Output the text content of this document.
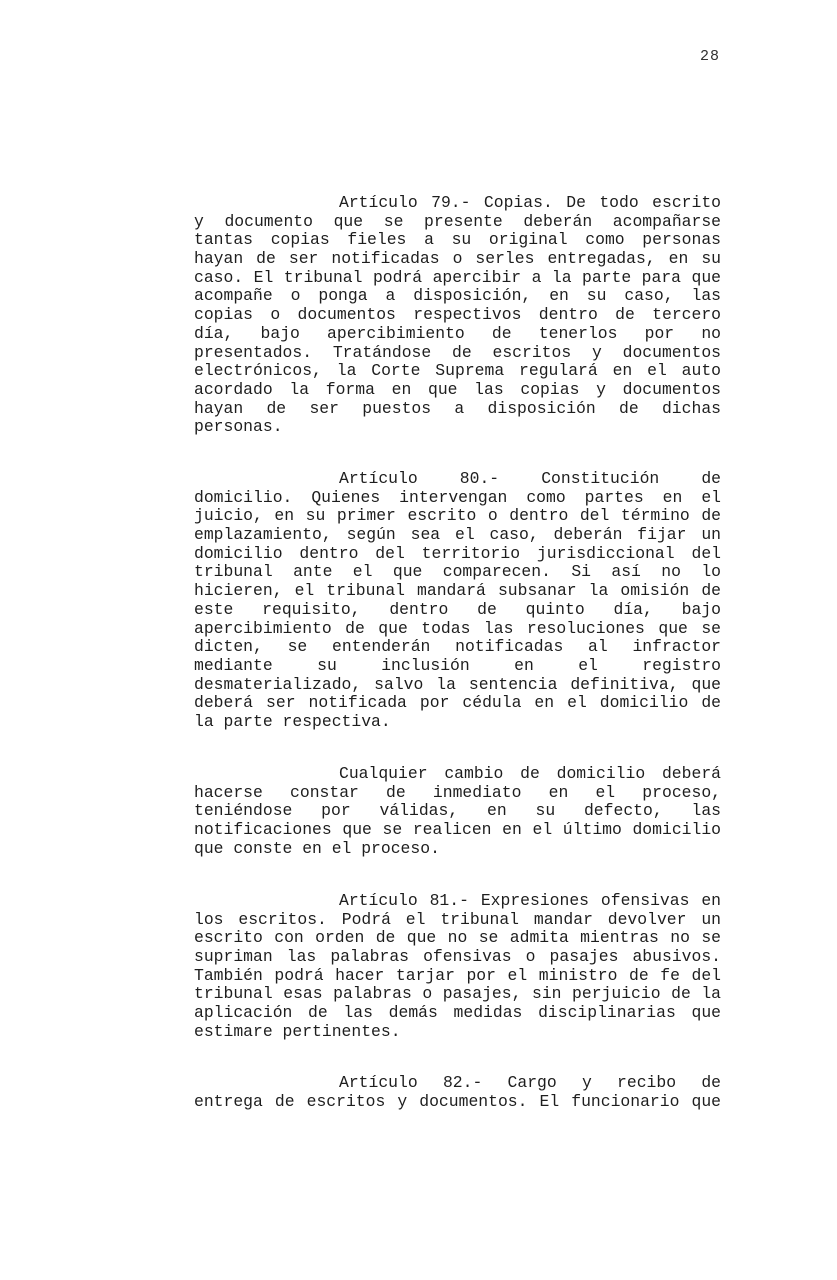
28
Artículo 79.- Copias. De todo escrito
y documento que se presente deberán acompañarse
tantas copias fieles a su original como personas
hayan de ser notificadas o serles entregadas, en su
caso. El tribunal podrá apercibir a la parte para que
acompañe o ponga a disposición, en su caso, las
copias o documentos respectivos dentro de tercero
día, bajo apercibimiento de tenerlos por no
presentados. Tratándose de escritos y documentos
electrónicos, la Corte Suprema regulará en el auto
acordado la forma en que las copias y documentos
hayan de ser puestos a disposición de dichas
personas.
Artículo 80.- Constitución de
domicilio. Quienes intervengan como partes en el
juicio, en su primer escrito o dentro del término de
emplazamiento, según sea el caso, deberán fijar un
domicilio dentro del territorio jurisdiccional del
tribunal ante el que comparecen. Si así no lo
hicieren, el tribunal mandará subsanar la omisión de
este requisito, dentro de quinto día, bajo
apercibimiento de que todas las resoluciones que se
dicten, se entenderán notificadas al infractor
mediante su inclusión en el registro
desmaterializado, salvo la sentencia definitiva, que
deberá ser notificada por cédula en el domicilio de
la parte respectiva.
Cualquier cambio de domicilio deberá
hacerse constar de inmediato en el proceso,
teniéndose por válidas, en su defecto, las
notificaciones que se realicen en el último domicilio
que conste en el proceso.
Artículo 81.- Expresiones ofensivas en
los escritos. Podrá el tribunal mandar devolver un
escrito con orden de que no se admita mientras no se
supriman las palabras ofensivas o pasajes abusivos.
También podrá hacer tarjar por el ministro de fe del
tribunal esas palabras o pasajes, sin perjuicio de la
aplicación de las demás medidas disciplinarias que
estimare pertinentes.
Artículo 82.- Cargo y recibo de
entrega de escritos y documentos. El funcionario que
